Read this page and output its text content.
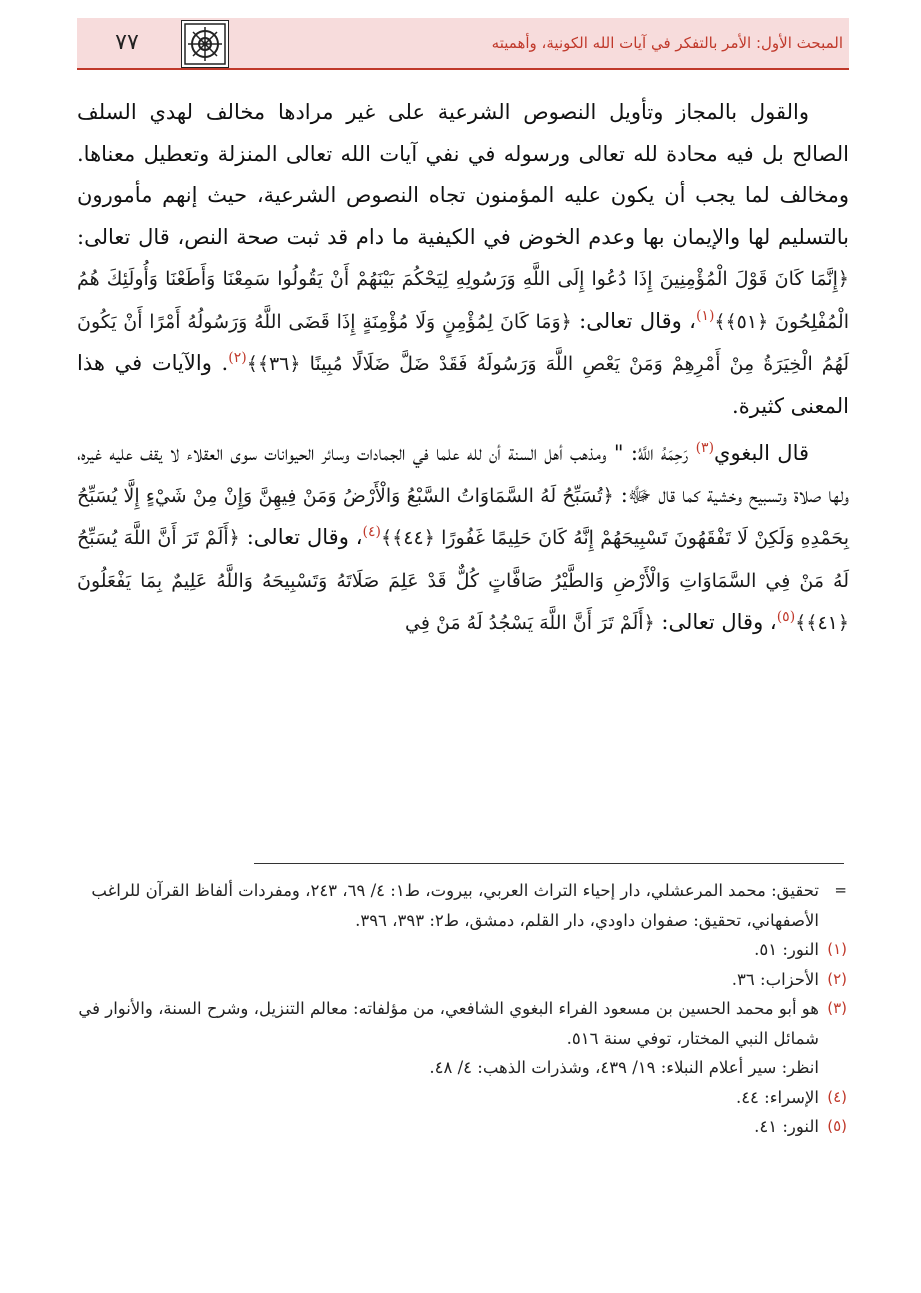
٧٧	المبحث الأول: الأمر بالتفكر في آيات الله الكونية، وأهميته

والقول بالمجاز وتأويل النصوص الشرعية على غير مرادها مخالف لهدي السلف الصالح بل فيه محادة لله تعالى ورسوله في نفي آيات الله تعالى المنزلة وتعطيل معناها. ومخالف لما يجب أن يكون عليه المؤمنون تجاه النصوص الشرعية، حيث إنهم مأمورون بالتسليم لها والإيمان بها وعدم الخوض في الكيفية ما دام قد ثبت صحة النص، قال تعالى: ﴿إِنَّمَا كَانَ قَوْلَ الْمُؤْمِنِينَ إِذَا دُعُوا إِلَى اللَّهِ وَرَسُولِهِ لِيَحْكُمَ بَيْنَهُمْ أَنْ يَقُولُوا سَمِعْنَا وَأَطَعْنَا وَأُولَئِكَ هُمُ الْمُفْلِحُونَ ﴿٥١﴾﴾$^{(١)}$، وقال تعالى: ﴿وَمَا كَانَ لِمُؤْمِنٍ وَلَا مُؤْمِنَةٍ إِذَا قَضَى اللَّهُ وَرَسُولُهُ أَمْرًا أَنْ يَكُونَ لَهُمُ الْخِيَرَةُ مِنْ أَمْرِهِمْ وَمَنْ يَعْصِ اللَّهَ وَرَسُولَهُ فَقَدْ ضَلَّ ضَلَالًا مُبِينًا ﴿٣٦﴾﴾$^{(٢)}$. والآيات في هذا المعنى كثيرة.

قال البغوي$^{(٣)}$ رَحِمَهُ اللَّهُ: " ومذهب أهل السنة أن لله علما في الجمادات وسائر الحيوانات سوى العقلاء لا يقف عليه غيره، ولها صلاة وتسبيح وخشية كما قال ﷻ: ﴿تُسَبِّحُ لَهُ السَّمَاوَاتُ السَّبْعُ وَالْأَرْضُ وَمَنْ فِيهِنَّ وَإِنْ مِنْ شَيْءٍ إِلَّا يُسَبِّحُ بِحَمْدِهِ وَلَكِنْ لَا تَفْقَهُونَ تَسْبِيحَهُمْ إِنَّهُ كَانَ حَلِيمًا غَفُورًا ﴿٤٤﴾﴾$^{(٤)}$، وقال تعالى: ﴿أَلَمْ تَرَ أَنَّ اللَّهَ يُسَبِّحُ لَهُ مَنْ فِي السَّمَاوَاتِ وَالْأَرْضِ وَالطَّيْرُ صَافَّاتٍ كُلٌّ قَدْ عَلِمَ صَلَاتَهُ وَتَسْبِيحَهُ وَاللَّهُ عَلِيمٌ بِمَا يَفْعَلُونَ ﴿٤١﴾﴾$^{(٥)}$، وقال تعالى: ﴿أَلَمْ تَرَ أَنَّ اللَّهَ يَسْجُدُ لَهُ مَنْ فِي

=
تحقيق: محمد المرعشلي، دار إحياء التراث العربي، بيروت، ط١: ٤/ ٦٩، ٢٤٣، ومفردات ألفاظ القرآن للراغب الأصفهاني، تحقيق: صفوان داودي، دار القلم، دمشق، ط٢: ٣٩٣، ٣٩٦.
(١)
النور: ٥١.
(٢)
الأحزاب: ٣٦.
(٣)
هو أبو محمد الحسين بن مسعود الفراء البغوي الشافعي، من مؤلفاته: معالم التنزيل، وشرح السنة، والأنوار في شمائل النبي المختار، توفي سنة ٥١٦.
انظر: سير أعلام النبلاء: ١٩/ ٤٣٩، وشذرات الذهب: ٤/ ٤٨.
(٤)
الإسراء: ٤٤.
(٥)
النور: ٤١.
